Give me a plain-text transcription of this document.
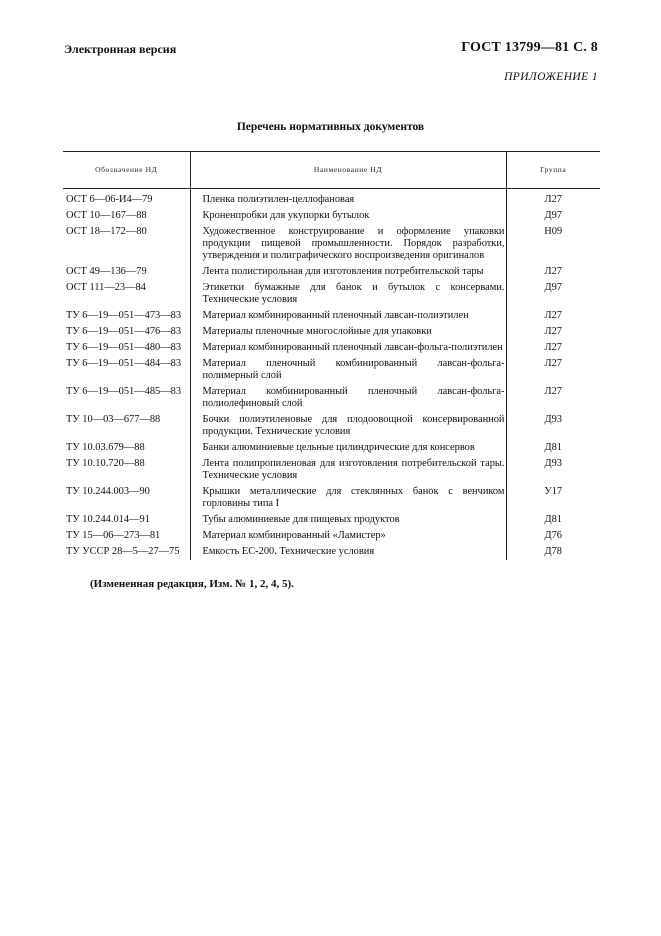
Электронная версия	ГОСТ 13799—81 С. 8
ПРИЛОЖЕНИЕ 1
Перечень нормативных документов
Обозначение НД	Наименование НД	Группа
ОСТ 6—06-И4—79	Пленка полиэтилен-целлофановая	Л27
ОСТ 10—167—88	Кроненпробки для укупорки бутылок	Д97
ОСТ 18—172—80	Художественное конструирование и оформление упаковки продукции пищевой промышленности. Порядок разработки, утверждения и полиграфического воспроизведения оригиналов	Н09
ОСТ 49—136—79	Лента полистирольная для изготовления потребительской тары	Л27
ОСТ 111—23—84	Этикетки бумажные для банок и бутылок с консервами. Технические условия	Д97
ТУ 6—19—051—473—83	Материал комбинированный пленочный лавсан-полиэтилен	Л27
ТУ 6—19—051—476—83	Материалы пленочные многослойные для упаковки	Л27
ТУ 6—19—051—480—83	Материал комбинированный пленочный лавсан-фольга-полиэтилен	Л27
ТУ 6—19—051—484—83	Материал пленочный комбинированный лавсан-фольга-полимерный слой	Л27
ТУ 6—19—051—485—83	Материал комбинированный пленочный лавсан-фольга-полиолефиновый слой	Л27
ТУ 10—03—677—88	Бочки полиэтиленовые для плодоовощной консервированной продукции. Технические условия	Д93
ТУ 10.03.679—88	Банки алюминиевые цельные цилиндрические для консервов	Д81
ТУ 10.10.720—88	Лента полипропиленовая для изготовления потребительской тары. Технические условия	Д93
ТУ 10.244.003—90	Крышки металлические для стеклянных банок с венчиком горловины типа I	У17
ТУ 10.244.014—91	Тубы алюминиевые для пищевых продуктов	Д81
ТУ 15—06—273—81	Материал комбинированный «Ламистер»	Д76
ТУ УССР 28—5—27—75	Емкость ЕС-200. Технические условия	Д78
(Измененная редакция, Изм. № 1, 2, 4, 5).
